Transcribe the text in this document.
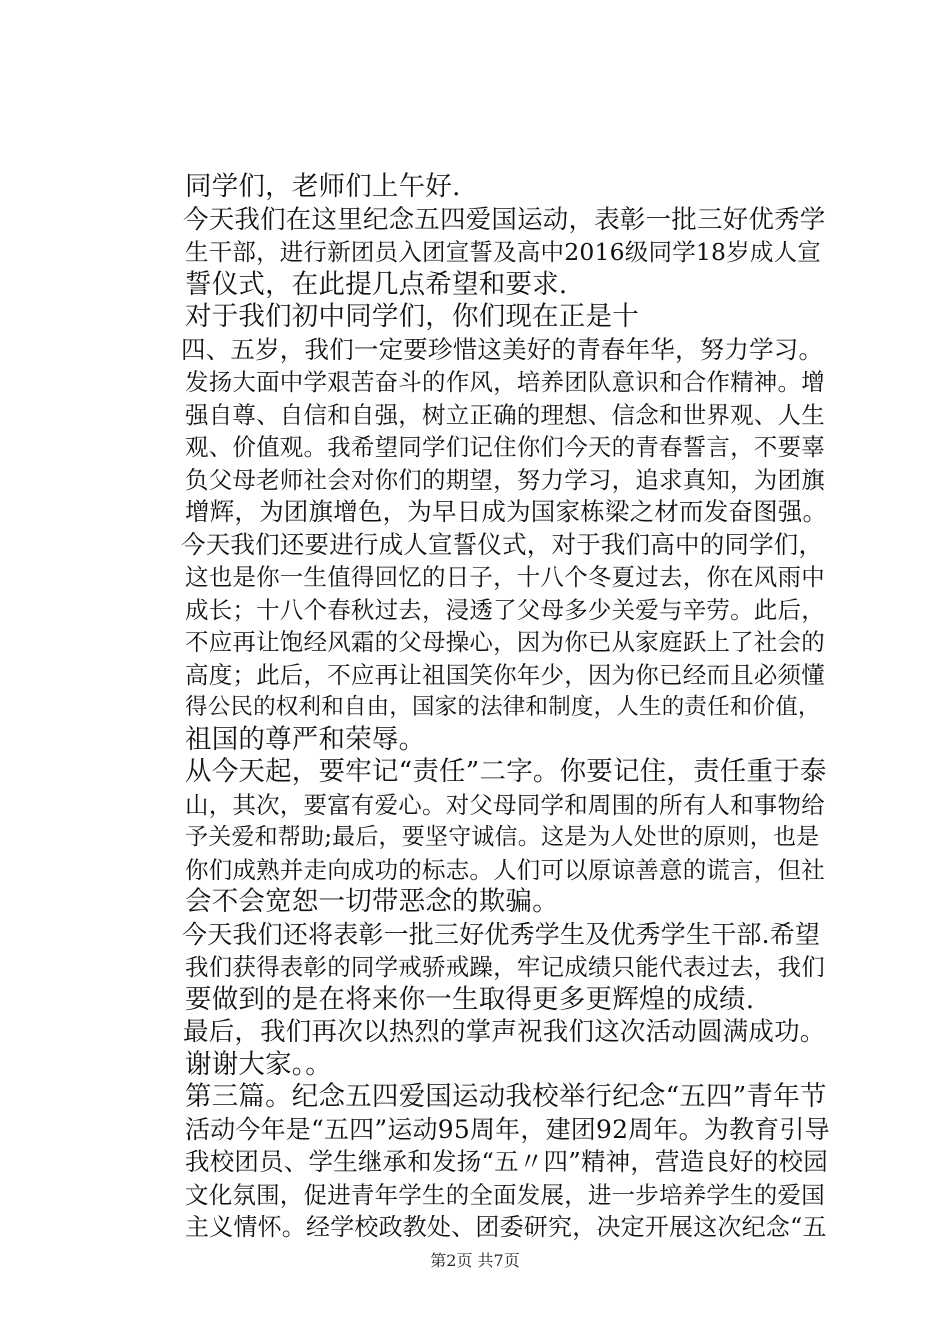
同学们，老师们上午好.
今天我们在这里纪念五四爱国运动，表彰一批三好优秀学
生干部，进行新团员入团宣誓及高中2016级同学18岁成人宣
誓仪式，在此提几点希望和要求.
对于我们初中同学们，你们现在正是十
四、五岁，我们一定要珍惜这美好的青春年华，努力学习。
发扬大面中学艰苦奋斗的作风，培养团队意识和合作精神。增
强自尊、自信和自强，树立正确的理想、信念和世界观、人生
观、价值观。我希望同学们记住你们今天的青春誓言，不要辜
负父母老师社会对你们的期望，努力学习，追求真知，为团旗
增辉，为团旗增色，为早日成为国家栋梁之材而发奋图强。
今天我们还要进行成人宣誓仪式，对于我们高中的同学们，
这也是你一生值得回忆的日子，十八个冬夏过去，你在风雨中
成长；十八个春秋过去，浸透了父母多少关爱与辛劳。此后，
不应再让饱经风霜的父母操心，因为你已从家庭跃上了社会的
高度；此后，不应再让祖国笑你年少，因为你已经而且必须懂
得公民的权利和自由，国家的法律和制度，人生的责任和价值，
祖国的尊严和荣辱。
从今天起，要牢记“责任”二字。你要记住，责任重于泰
山，其次，要富有爱心。对父母同学和周围的所有人和事物给
予关爱和帮助;最后，要坚守诚信。这是为人处世的原则，也是
你们成熟并走向成功的标志。人们可以原谅善意的谎言，但社
会不会宽恕一切带恶念的欺骗。
今天我们还将表彰一批三好优秀学生及优秀学生干部.希望
我们获得表彰的同学戒骄戒躁，牢记成绩只能代表过去，我们
要做到的是在将来你一生取得更多更辉煌的成绩.
最后，我们再次以热烈的掌声祝我们这次活动圆满成功。
谢谢大家。。
第三篇。纪念五四爱国运动我校举行纪念“五四”青年节
活动今年是“五四”运动95周年，建团92周年。为教育引导
我校团员、学生继承和发扬“五〃四”精神，营造良好的校园
文化氛围，促进青年学生的全面发展，进一步培养学生的爱国
主义情怀。经学校政教处、团委研究，决定开展这次纪念“五
第2页 共7页
